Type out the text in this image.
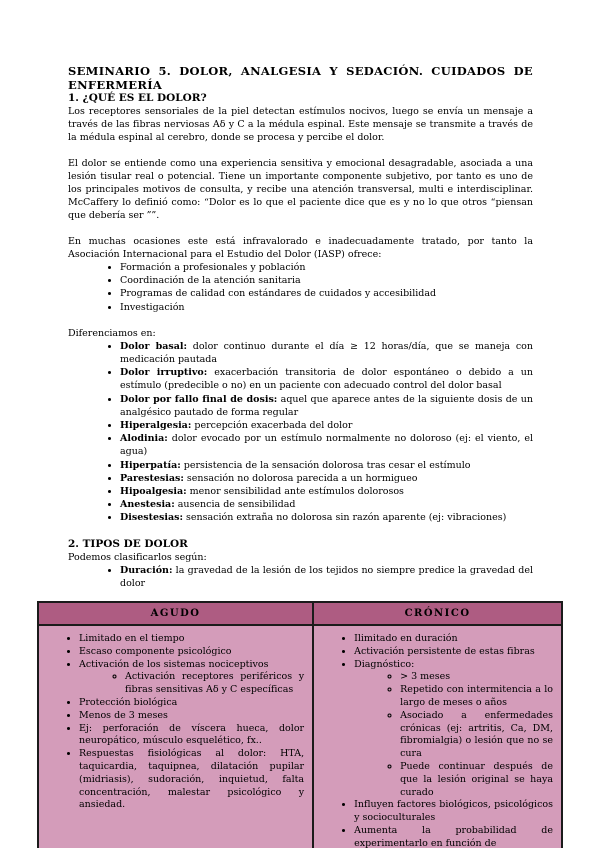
SEMINARIO 5. DOLOR, ANALGESIA Y SEDACIÓN. CUIDADOS DE ENFERMERÍA
1. ¿QUÉ ES EL DOLOR?

Los receptores sensoriales de la piel detectan estímulos nocivos, luego se envía un mensaje a través de las fibras nerviosas Aδ y C a la médula espinal. Este mensaje se transmite a través de la médula espinal al cerebro, donde se procesa y percibe el dolor.

El dolor se entiende como una experiencia sensitiva y emocional desagradable, asociada a una lesión tisular real o potencial. Tiene un importante componente subjetivo, por tanto es uno de los principales motivos de consulta, y recibe una atención transversal, multi e interdisciplinar. McCaffery lo definió como: “Dolor es lo que el paciente dice que es y no lo que otros “piensan que debería ser ””.

En muchas ocasiones este está infravalorado e inadecuadamente tratado, por tanto la Asociación Internacional para el Estudio del Dolor (IASP) ofrece:

• Formación a profesionales y población
• Coordinación de la atención sanitaria
• Programas de calidad con estándares de cuidados y accesibilidad
• Investigación

Diferenciamos en:

• Dolor basal: dolor continuo durante el día ≥ 12 horas/día, que se maneja con medicación pautada
• Dolor irruptivo: exacerbación transitoria de dolor espontáneo o debido a un estímulo (predecible o no) en un paciente con adecuado control del dolor basal
• Dolor por fallo final de dosis: aquel que aparece antes de la siguiente dosis de un analgésico pautado de forma regular
• Hiperalgesia: percepción exacerbada del dolor
• Alodinia: dolor evocado por un estímulo normalmente no doloroso (ej: el viento, el agua)
• Hiperpatía: persistencia de la sensación dolorosa tras cesar el estímulo
• Parestesias: sensación no dolorosa parecida a un hormigueo
• Hipoalgesia: menor sensibilidad ante estímulos dolorosos
• Anestesia: ausencia de sensibilidad
• Disestesias: sensación extraña no dolorosa sin razón aparente (ej: vibraciones)
2. TIPOS DE DOLOR

Podemos clasificarlos según:

• Duración: la gravedad de la lesión de los tejidos no siempre predice la gravedad del dolor
AGUDO	CRÓNICO

• Limitado en el tiempo
• Escaso componente psicológico
• Activación de los sistemas nociceptivos
◦ Activación receptores periféricos y fibras sensitivas Aδ y C específicas
• Protección biológica
• Menos de 3 meses
• Ej: perforación de víscera hueca, dolor neuropático, músculo esquelético, fx..
• Respuestas fisiológicas al dolor: HTA, taquicardia, taquipnea, dilatación pupilar (midriasis), sudoración, inquietud, falta concentración, malestar psicológico y ansiedad.

• Ilimitado en duración
• Activación persistente de estas fibras
• Diagnóstico:
◦ > 3 meses
◦ Repetido con intermitencia a lo largo de meses o años
◦ Asociado a enfermedades crónicas (ej: artritis, Ca, DM, fibromialgia) o lesión que no se cura
◦ Puede continuar después de que la lesión original se haya curado
• Influyen factores biológicos, psicológicos y socioculturales
• Aumenta la probabilidad de experimentarlo en función de
